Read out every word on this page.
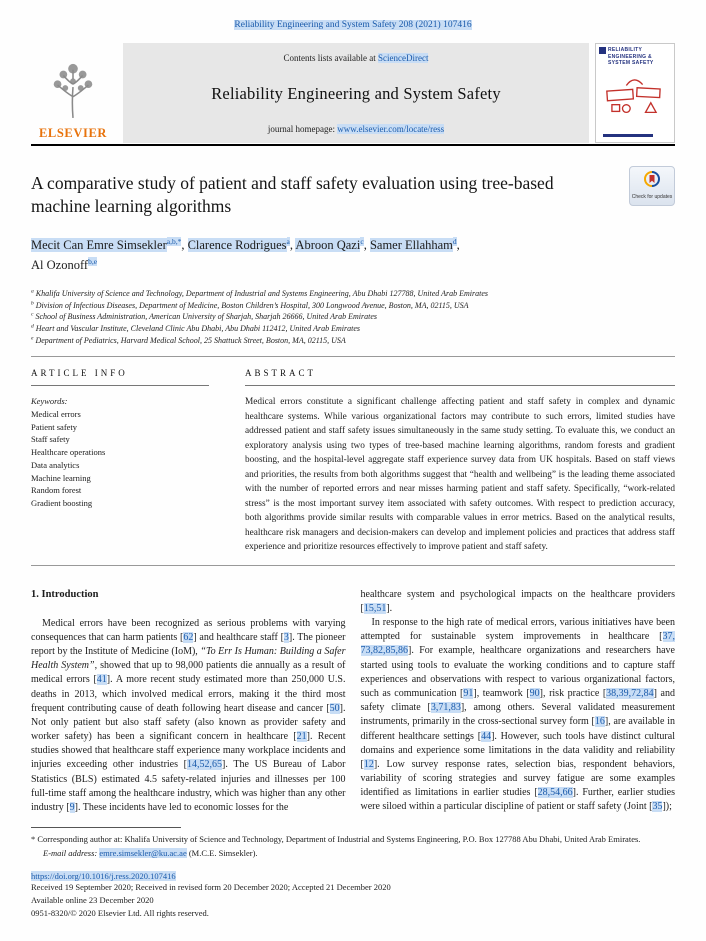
Reliability Engineering and System Safety 208 (2021) 107416
ELSEVIER
Contents lists available at ScienceDirect
Reliability Engineering and System Safety
journal homepage: www.elsevier.com/locate/ress
RELIABILITY ENGINEERING & SYSTEM SAFETY
A comparative study of patient and staff safety evaluation using tree-based machine learning algorithms	Check for updates
Mecit Can Emre Simsekler$^{a,b,*}$, Clarence Rodrigues$^a$, Abroon Qazi$^c$, Samer Ellahham$^d$,
Al Ozonoff$^{b,e}$
$^a$ Khalifa University of Science and Technology, Department of Industrial and Systems Engineering, Abu Dhabi 127788, United Arab Emirates
$^b$ Division of Infectious Diseases, Department of Medicine, Boston Children’s Hospital, 300 Longwood Avenue, Boston, MA, 02115, USA
$^c$ School of Business Administration, American University of Sharjah, Sharjah 26666, United Arab Emirates
$^d$ Heart and Vascular Institute, Cleveland Clinic Abu Dhabi, Abu Dhabi 112412, United Arab Emirates
$^e$ Department of Pediatrics, Harvard Medical School, 25 Shattuck Street, Boston, MA, 02115, USA
ARTICLE INFO
Keywords:
Medical errors
Patient safety
Staff safety
Healthcare operations
Data analytics
Machine learning
Random forest
Gradient boosting
ABSTRACT

Medical errors constitute a significant challenge affecting patient and staff safety in complex and dynamic healthcare systems. While various organizational factors may contribute to such errors, limited studies have addressed patient and staff safety issues simultaneously in the same study setting. To evaluate this, we conduct an exploratory analysis using two types of tree-based machine learning algorithms, random forests and gradient boosting, and the hospital-level aggregate staff experience survey data from UK hospitals. Based on staff views and priorities, the results from both algorithms suggest that “health and wellbeing” is the leading theme associated with the number of reported errors and near misses harming patient and staff safety. Specifically, “work-related stress” is the most important survey item associated with safety outcomes. With respect to prediction accuracy, both algorithms provide similar results with comparable values in error metrics. Based on the analytical results, healthcare risk managers and decision-makers can develop and implement policies and practices that address staff experience and prioritize resources effectively to improve patient and staff safety.

1. Introduction

Medical errors have been recognized as serious problems with varying consequences that can harm patients [62] and healthcare staff [3]. The pioneer report by the Institute of Medicine (IoM), “To Err Is Human: Building a Safer Health System”, showed that up to 98,000 patients die annually as a result of medical errors [41]. A more recent study estimated more than 250,000 U.S. deaths in 2013, which involved medical errors, making it the third most frequent contributing cause of death following heart disease and cancer [50]. Not only patient but also staff safety (also known as provider safety and worker safety) has been a significant concern in healthcare [21]. Recent studies showed that healthcare staff experience many workplace incidents and injuries exceeding other industries [14,52,65]. The US Bureau of Labor Statistics (BLS) estimated 4.5 safety-related injuries and illnesses per 100 full-time staff among the healthcare industry, which was higher than any other industry [9]. These incidents have led to economic losses for the

healthcare system and psychological impacts on the healthcare providers [15,51].

In response to the high rate of medical errors, various initiatives have been attempted for sustainable system improvements in healthcare [37, 73,82,85,86]. For example, healthcare organizations and researchers have started using tools to evaluate the working conditions and to capture staff experiences and observations with respect to various organizational factors, such as communication [91], teamwork [90], risk practice [38,39,72,84] and safety climate [3,71,83], among others. Several validated measurement instruments, primarily in the cross-sectional survey form [16], are available in different healthcare settings [44]. However, such tools have distinct cultural domains and experience some limitations in the data validity and reliability [12]. Low survey response rates, selection bias, respondent behaviors, variability of scoring strategies and survey fatigue are some examples identified as limitations in earlier studies [28,54,66]. Further, earlier studies were siloed within a particular discipline of patient or staff safety (Joint [35]);

* Corresponding author at: Khalifa University of Science and Technology, Department of Industrial and Systems Engineering, P.O. Box 127788 Abu Dhabi, United Arab Emirates.
E-mail address: emre.simsekler@ku.ac.ae (M.C.E. Simsekler).
https://doi.org/10.1016/j.ress.2020.107416
Received 19 September 2020; Received in revised form 20 December 2020; Accepted 21 December 2020
Available online 23 December 2020
0951-8320/© 2020 Elsevier Ltd. All rights reserved.
